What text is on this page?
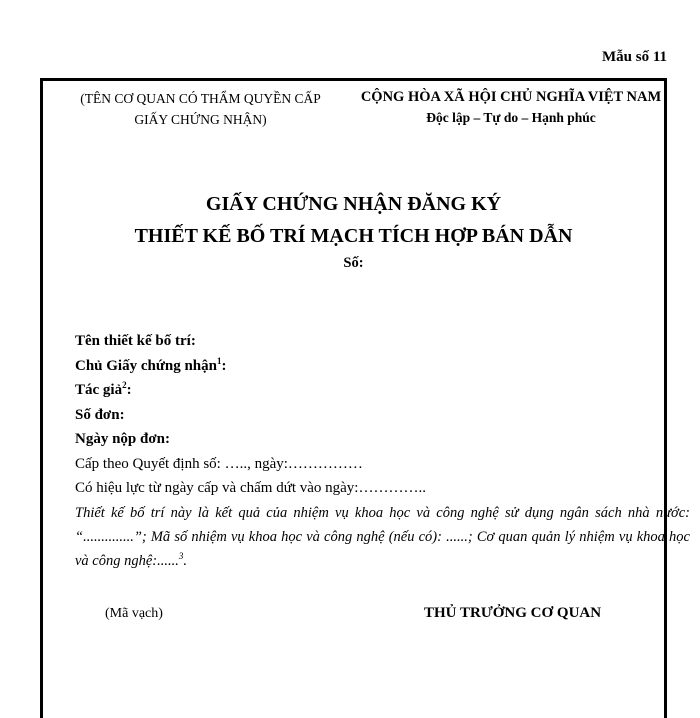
Mẫu số 11
(TÊN CƠ QUAN CÓ THẨM QUYỀN CẤP
GIẤY CHỨNG NHẬN)
CỘNG HÒA XÃ HỘI CHỦ NGHĨA VIỆT NAM
Độc lập – Tự do – Hạnh phúc
GIẤY CHỨNG NHẬN ĐĂNG KÝ
THIẾT KẾ BỐ TRÍ MẠCH TÍCH HỢP BÁN DẪN
Số:
Tên thiết kế bố trí:
Chủ Giấy chứng nhận$^1$:
Tác giả$^2$:
Số đơn:
Ngày nộp đơn:
Cấp theo Quyết định số: ….., ngày:……………
Có hiệu lực từ ngày cấp và chấm dứt vào ngày:…………..
Thiết kế bố trí này là kết quả của nhiệm vụ khoa học và công nghệ sử dụng ngân sách nhà nước: “..............”; Mã số nhiệm vụ khoa học và công nghệ (nếu có): ......; Cơ quan quản lý nhiệm vụ khoa học và công nghệ:......$^3$.
(Mã vạch)	THỦ TRƯỞNG CƠ QUAN
